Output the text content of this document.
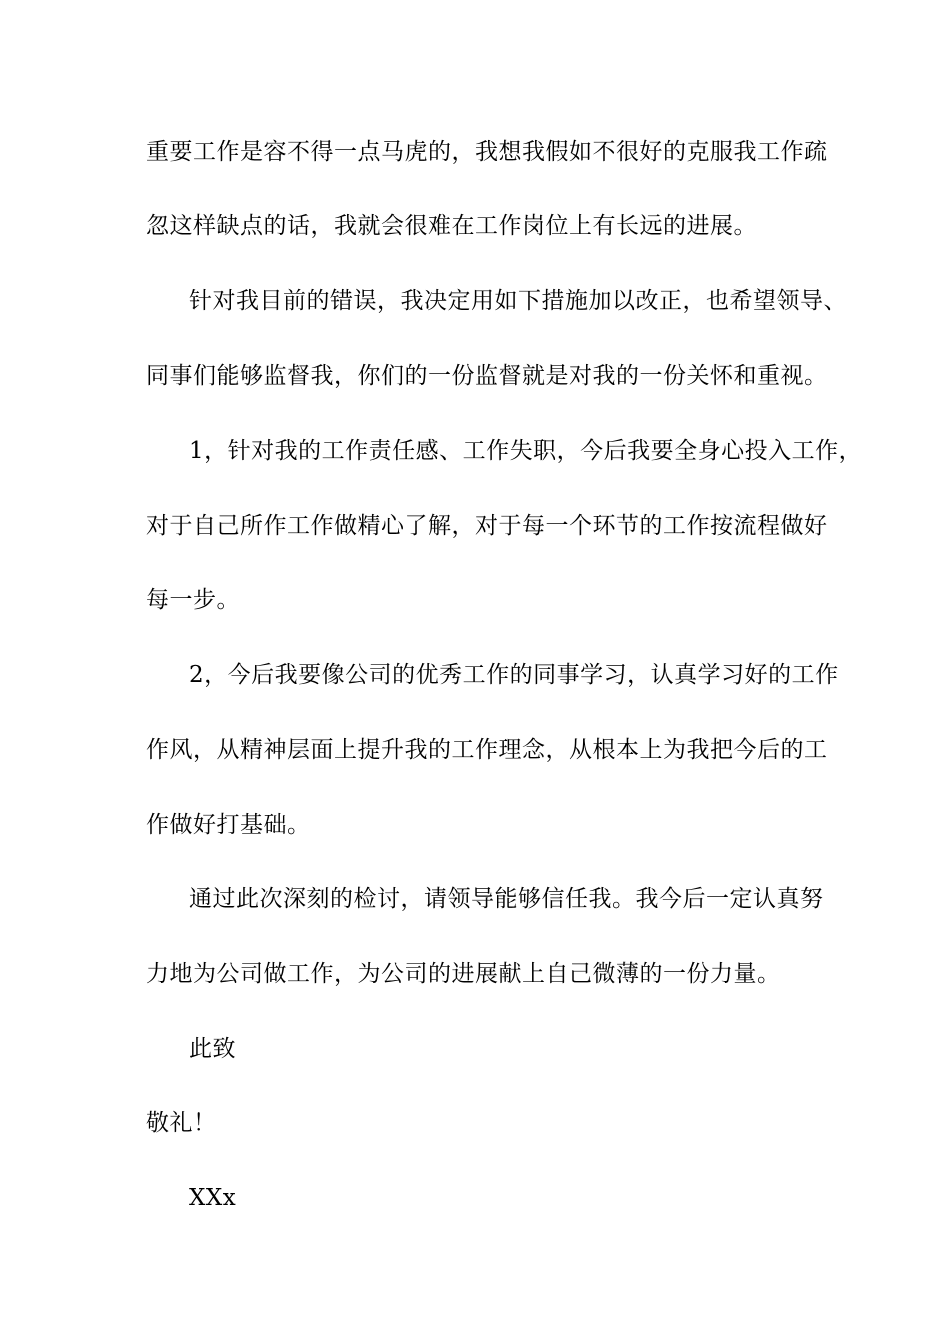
重要工作是容不得一点马虎的，我想我假如不很好的克服我工作疏
忽这样缺点的话，我就会很难在工作岗位上有长远的进展。
针对我目前的错误，我决定用如下措施加以改正，也希望领导、
同事们能够监督我，你们的一份监督就是对我的一份关怀和重视。
1，针对我的工作责任感、工作失职，今后我要全身心投入工作，
对于自己所作工作做精心了解，对于每一个环节的工作按流程做好
每一步。
2，今后我要像公司的优秀工作的同事学习，认真学习好的工作
作风，从精神层面上提升我的工作理念，从根本上为我把今后的工
作做好打基础。
通过此次深刻的检讨，请领导能够信任我。我今后一定认真努
力地为公司做工作，为公司的进展献上自己微薄的一份力量。
此致
敬礼！
XXx
